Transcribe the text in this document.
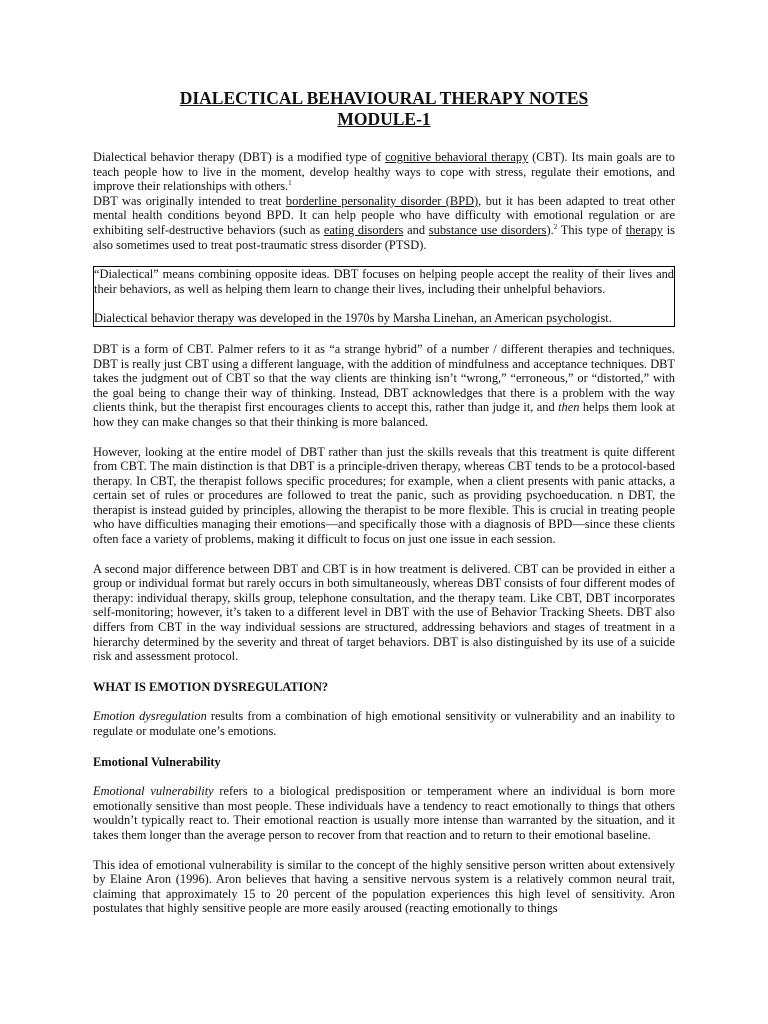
DIALECTICAL BEHAVIOURAL THERAPY NOTES
MODULE-1

Dialectical behavior therapy (DBT) is a modified type of cognitive behavioral therapy (CBT). Its main goals are to teach people how to live in the moment, develop healthy ways to cope with stress, regulate their emotions, and improve their relationships with others.$^1$

DBT was originally intended to treat borderline personality disorder (BPD), but it has been adapted to treat other mental health conditions beyond BPD. It can help people who have difficulty with emotional regulation or are exhibiting self-destructive behaviors (such as eating disorders and substance use disorders).$^2$ This type of therapy is also sometimes used to treat post-traumatic stress disorder (PTSD).

“Dialectical” means combining opposite ideas. DBT focuses on helping people accept the reality of their lives and their behaviors, as well as helping them learn to change their lives, including their unhelpful behaviors.

Dialectical behavior therapy was developed in the 1970s by Marsha Linehan, an American psychologist.

DBT is a form of CBT. Palmer refers to it as “a strange hybrid” of a number / different therapies and techniques. DBT is really just CBT using a different language, with the addition of mindfulness and acceptance techniques. DBT takes the judgment out of CBT so that the way clients are thinking isn’t “wrong,” “erroneous,” or “distorted,” with the goal being to change their way of thinking. Instead, DBT acknowledges that there is a problem with the way clients think, but the therapist first encourages clients to accept this, rather than judge it, and then helps them look at how they can make changes so that their thinking is more balanced.

However, looking at the entire model of DBT rather than just the skills reveals that this treatment is quite different from CBT. The main distinction is that DBT is a principle-driven therapy, whereas CBT tends to be a protocol-based therapy. In CBT, the therapist follows specific procedures; for example, when a client presents with panic attacks, a certain set of rules or procedures are followed to treat the panic, such as providing psychoeducation. n DBT, the therapist is instead guided by principles, allowing the therapist to be more flexible. This is crucial in treating people who have difficulties managing their emotions—and specifically those with a diagnosis of BPD—since these clients often face a variety of problems, making it difficult to focus on just one issue in each session.

A second major difference between DBT and CBT is in how treatment is delivered. CBT can be provided in either a group or individual format but rarely occurs in both simultaneously, whereas DBT consists of four different modes of therapy: individual therapy, skills group, telephone consultation, and the therapy team. Like CBT, DBT incorporates self-monitoring; however, it’s taken to a different level in DBT with the use of Behavior Tracking Sheets. DBT also differs from CBT in the way individual sessions are structured, addressing behaviors and stages of treatment in a hierarchy determined by the severity and threat of target behaviors. DBT is also distinguished by its use of a suicide risk and assessment protocol.

WHAT IS EMOTION DYSREGULATION?

Emotion dysregulation results from a combination of high emotional sensitivity or vulnerability and an inability to regulate or modulate one’s emotions.

Emotional Vulnerability

Emotional vulnerability refers to a biological predisposition or temperament where an individual is born more emotionally sensitive than most people. These individuals have a tendency to react emotionally to things that others wouldn’t typically react to. Their emotional reaction is usually more intense than warranted by the situation, and it takes them longer than the average person to recover from that reaction and to return to their emotional baseline.

This idea of emotional vulnerability is similar to the concept of the highly sensitive person written about extensively by Elaine Aron (1996). Aron believes that having a sensitive nervous system is a relatively common neural trait, claiming that approximately 15 to 20 percent of the population experiences this high level of sensitivity. Aron postulates that highly sensitive people are more easily aroused (reacting emotionally to things
